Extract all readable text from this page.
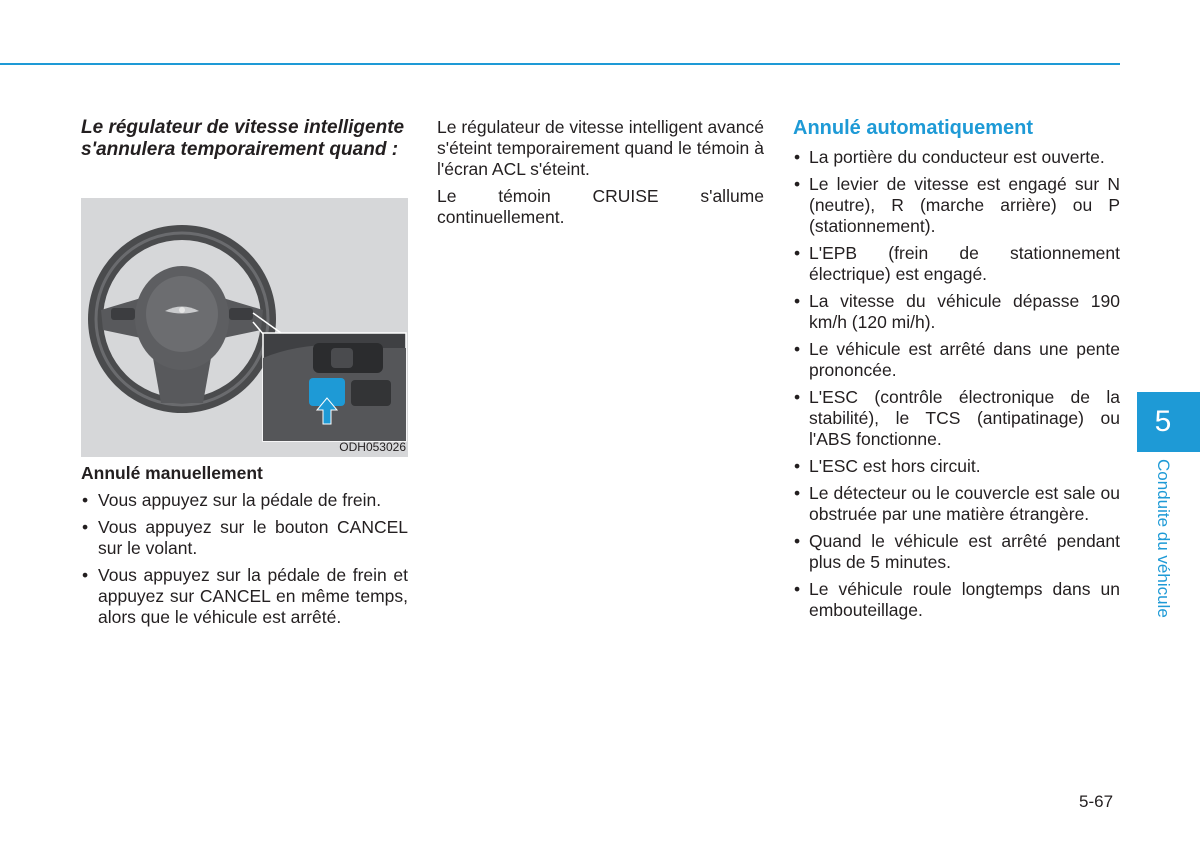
Le régulateur de vitesse intelligente s'annulera temporairement quand :

ODH053026

Annulé manuellement

• Vous appuyez sur la pédale de frein.
• Vous appuyez sur le bouton CANCEL sur le volant.
• Vous appuyez sur la pédale de frein et appuyez sur CANCEL en même temps, alors que le véhicule est arrêté.

Le régulateur de vitesse intelligent avancé s'éteint temporairement quand le témoin à l'écran ACL s'éteint.

Le témoin CRUISE s'allume continuellement.

Annulé automatiquement

• La portière du conducteur est ouverte.
• Le levier de vitesse est engagé sur N (neutre), R (marche arrière) ou P (stationnement).
• L'EPB (frein de stationnement électrique) est engagé.
• La vitesse du véhicule dépasse 190 km/h (120 mi/h).
• Le véhicule est arrêté dans une pente prononcée.
• L'ESC (contrôle électronique de la stabilité), le TCS (antipatinage) ou l'ABS fonctionne.
• L'ESC est hors circuit.
• Le détecteur ou le couvercle est sale ou obstruée par une matière étrangère.
• Quand le véhicule est arrêté pendant plus de 5 minutes.
• Le véhicule roule longtemps dans un embouteillage.
5
Conduite du véhicule
5-67
